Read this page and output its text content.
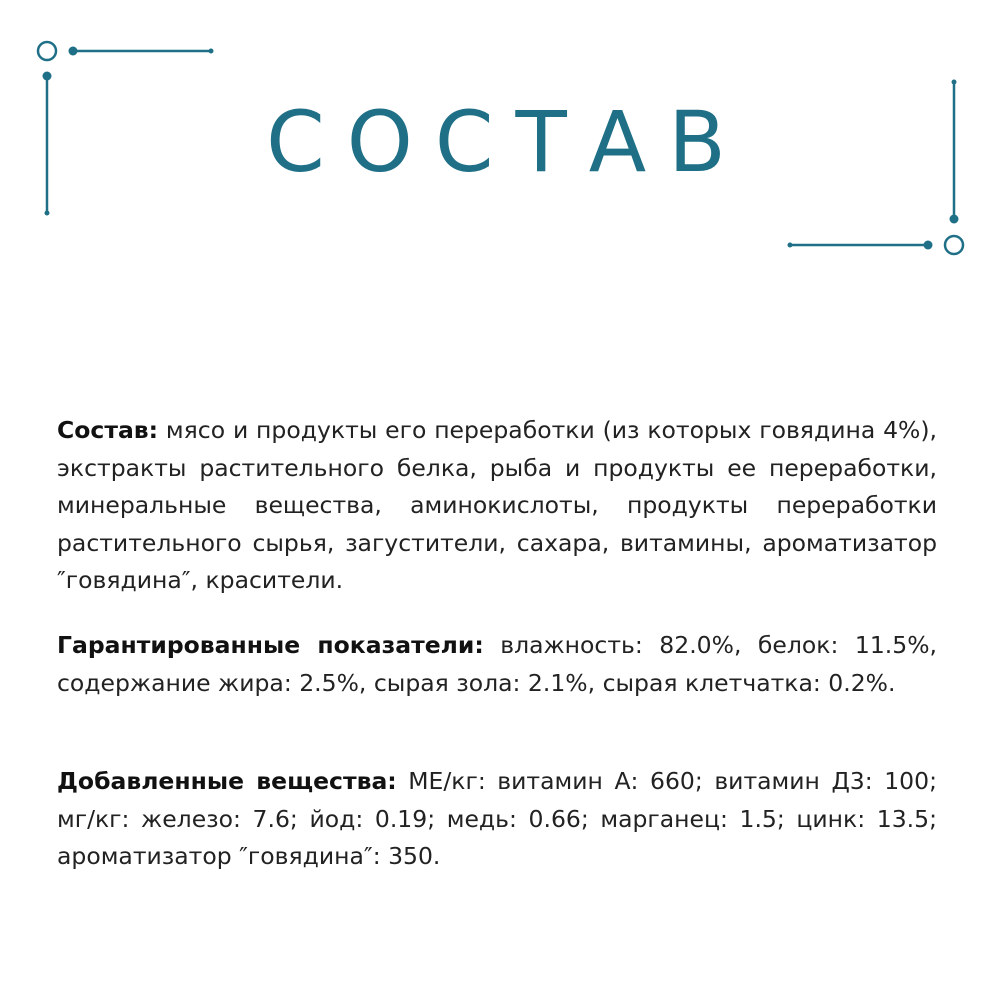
СОСТАВ

Состав: мясо и продукты его переработки (из которых говядина 4%), экстракты растительного белка, рыба и продукты ее переработки, минеральные вещества, аминокислоты, продукты переработки растительного сырья, загустители, сахара, витамины, ароматизатор ″говядина″, красители.

Гарантированные показатели: влажность: 82.0%, белок: 11.5%, содержание жира: 2.5%, сырая зола: 2.1%, сырая клетчатка: 0.2%.

Добавленные вещества: МЕ/кг: витамин А: 660; витамин Д3: 100; мг/кг: железо: 7.6; йод: 0.19; медь: 0.66; марганец: 1.5; цинк: 13.5; ароматизатор ″говядина″: 350.
